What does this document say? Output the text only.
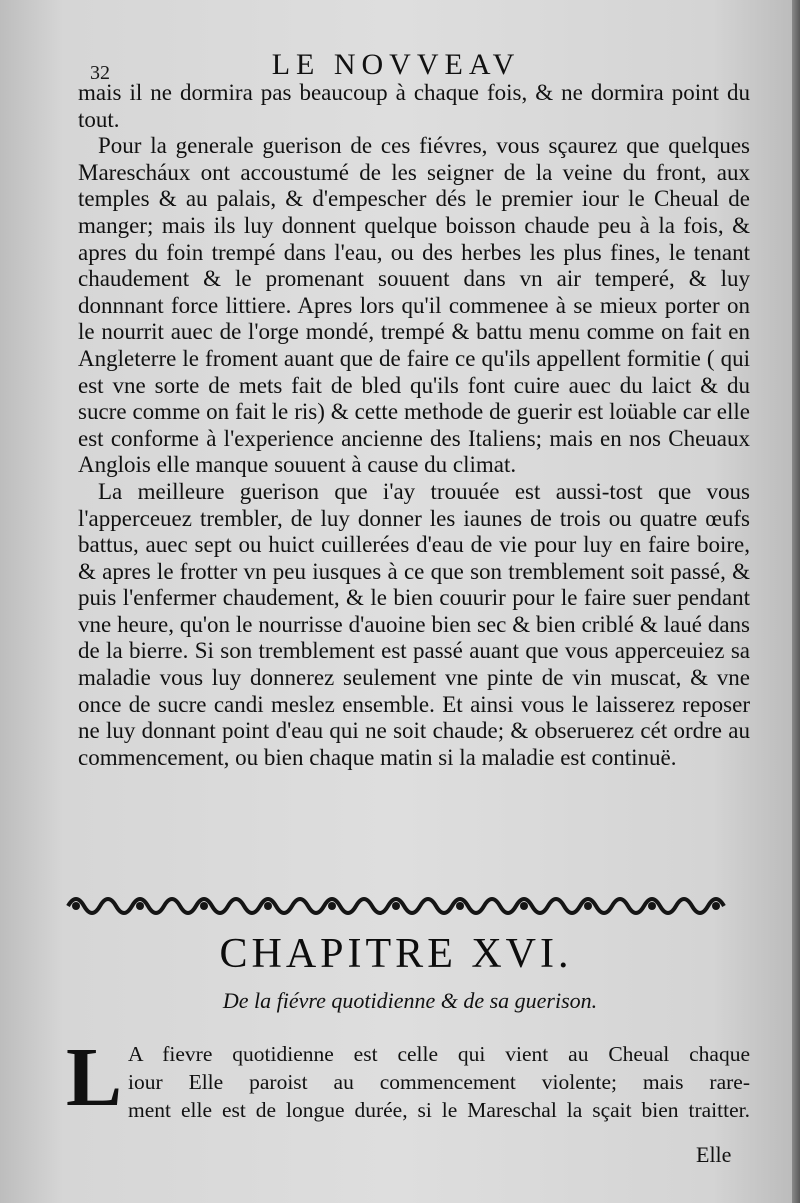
32	LE NOVVEAV

mais il ne dormira pas beaucoup à chaque fois, & ne dormira point du tout.

Pour la generale guerison de ces fiévres, vous sçaurez que quelques Marescháux ont accoustumé de les seigner de la veine du front, aux temples & au palais, & d'empescher dés le premier iour le Cheual de manger; mais ils luy donnent quelque boisson chaude peu à la fois, & apres du foin trempé dans l'eau, ou des herbes les plus fines, le tenant chaudement & le promenant souuent dans vn air temperé, & luy donnnant force littiere. Apres lors qu'il commenee à se mieux porter on le nourrit auec de l'orge mondé, trempé & battu menu comme on fait en Angleterre le froment auant que de faire ce qu'ils appellent formitie ( qui est vne sorte de mets fait de bled qu'ils font cuire auec du laict & du sucre comme on fait le ris) & cette methode de guerir est loüable car elle est conforme à l'experience ancienne des Italiens; mais en nos Cheuaux Anglois elle manque souuent à cause du climat.

La meilleure guerison que i'ay trouuée est aussi-tost que vous l'apperceuez trembler, de luy donner les iaunes de trois ou quatre œufs battus, auec sept ou huict cuillerées d'eau de vie pour luy en faire boire, & apres le frotter vn peu iusques à ce que son tremblement soit passé, & puis l'enfermer chaudement, & le bien couurir pour le faire suer pendant vne heure, qu'on le nourrisse d'auoine bien sec & bien criblé & laué dans de la bierre. Si son tremblement est passé auant que vous apperceuiez sa maladie vous luy donnerez seulement vne pinte de vin muscat, & vne once de sucre candi meslez ensemble. Et ainsi vous le laisserez reposer ne luy donnant point d'eau qui ne soit chaude; & obseruerez cét ordre au commencement, ou bien chaque matin si la maladie est continuë.

CHAPITRE XVI.
De la fiévre quotidienne & de sa guerison.
L A fievre quotidienne est celle qui vient au Cheual chaque
iour Elle paroist au commencement violente; mais rare-
ment elle est de longue durée, si le Mareschal la sçait bien traitter.
Elle
